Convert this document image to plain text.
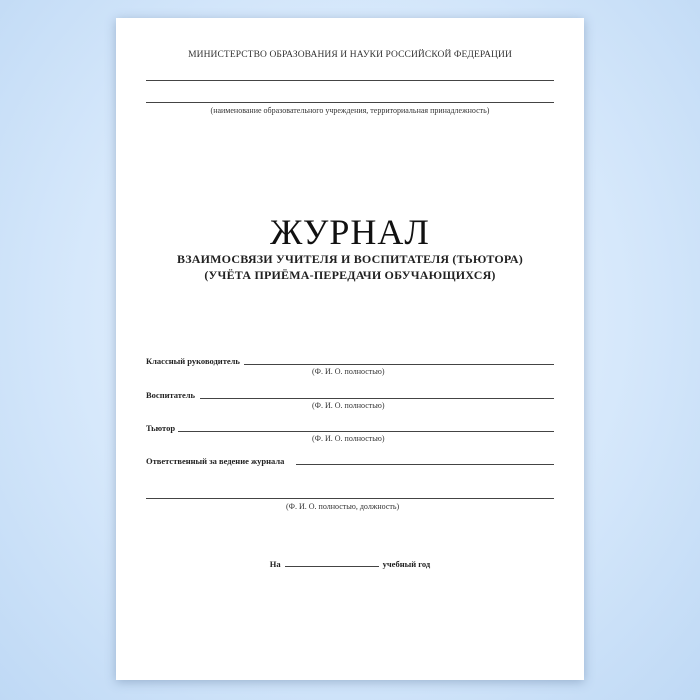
МИНИСТЕРСТВО ОБРАЗОВАНИЯ И НАУКИ РОССИЙСКОЙ ФЕДЕРАЦИИ
(наименование образовательного учреждения, территориальная принадлежность)
ЖУРНАЛ
ВЗАИМОСВЯЗИ УЧИТЕЛЯ И ВОСПИТАТЕЛЯ (ТЬЮТОРА)
(УЧЁТА ПРИЁМА-ПЕРЕДАЧИ ОБУЧАЮЩИХСЯ)
Классный руководитель
(Ф. И. О. полностью)
Воспитатель
(Ф. И. О. полностью)
Тьютор
(Ф. И. О. полностью)
Ответственный за ведение журнала
(Ф. И. О. полностью, должность)
На	учебный год
